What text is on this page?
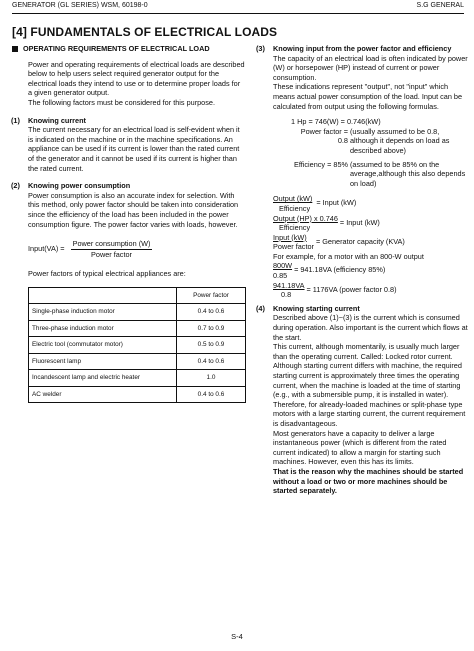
GENERATOR (GL SERIES) WSM, 60198-0	S.G GENERAL
[4] FUNDAMENTALS OF ELECTRICAL LOADS
OPERATING REQUIREMENTS OF ELECTRICAL LOAD

Power and operating requirements of electrical loads are described below to help users select required generator output for the electrical loads they intend to use or to determine proper loads for a given generator output.

The following factors must be considered for this purpose.

(1)	Knowing current

The current necessary for an electrical load is self-evident when it is indicated on the machine or in the machine specifications. An appliance can be used if its current is lower than the rated current of the generator and it cannot be used if its current is higher than the rated current.

(2)	Knowing power consumption

Power consumption is also an accurate index for selection. With this method, only power factor should be taken into consideration since the efficiency of the load has been included in the power consumption figure. The power factor varies with loads, however.

Input(VA) = $\frac{\text{Power consumption (W)}}{\text{Power factor}}$

Power factors of typical electrical appliances are:

	Power factor
Single-phase induction motor	0.4 to 0.6
Three-phase induction motor	0.7 to 0.9
Electric tool (commutator motor)	0.5 to 0.9
Fluorescent lamp	0.4 to 0.6
Incandescent lamp and electric heater	1.0
AC welder	0.4 to 0.6
(3)	Knowing input from the power factor and efficiency

The capacity of an electrical load is often indicated by power (W) or horsepower (HP) instead of current or power consumption.

These indications represent "output", not "input" which means actual power consumption of the load. Input can be calculated from output using the following formulas.

1 Hp = 746(W) = 0.746(kW)
Power factor = 0.8
(usually assumed to be 0.8, although it depends on load as described above)
Efficiency = 85% (assumed to be 85% on the average,although this also depends on load)
Output (kW)
Efficiency
= Input (kW)
Output (HP) x 0.746
Efficiency
= Input (kW)
Input (kW)
Power factor
= Generator capacity (KVA)

For example, for a motor with an 800-W output

$\frac{800W}{0.85} = 941.18VA$ (efficiency 85%)
$\frac{941.18VA}{0.8} = 1176VA$ (power factor 0.8)
(4)	Knowing starting current

Described above (1)~(3) is the current which is consumed during operation. Also important is the current which flows at the start.

This current, although momentarily, is usually much larger than the operating current. Called: Locked rotor current.

Although starting current differs with machine, the required starting current is approximately three times the operating current, when the machine is loaded at the time of starting (e.g., with a submersible pump, it is installed in water).

Therefore, for already-loaded machines or split-phase type motors with a large starting current, the current requirement is disadvantageous.

Most generators have a capacity to deliver a large instantaneous power (which is different from the rated current indicated) to allow a margin for starting such machines. However, even this has its limits.

That is the reason why the machines should be started without a load or two or more machines should be started separately.

S-4
